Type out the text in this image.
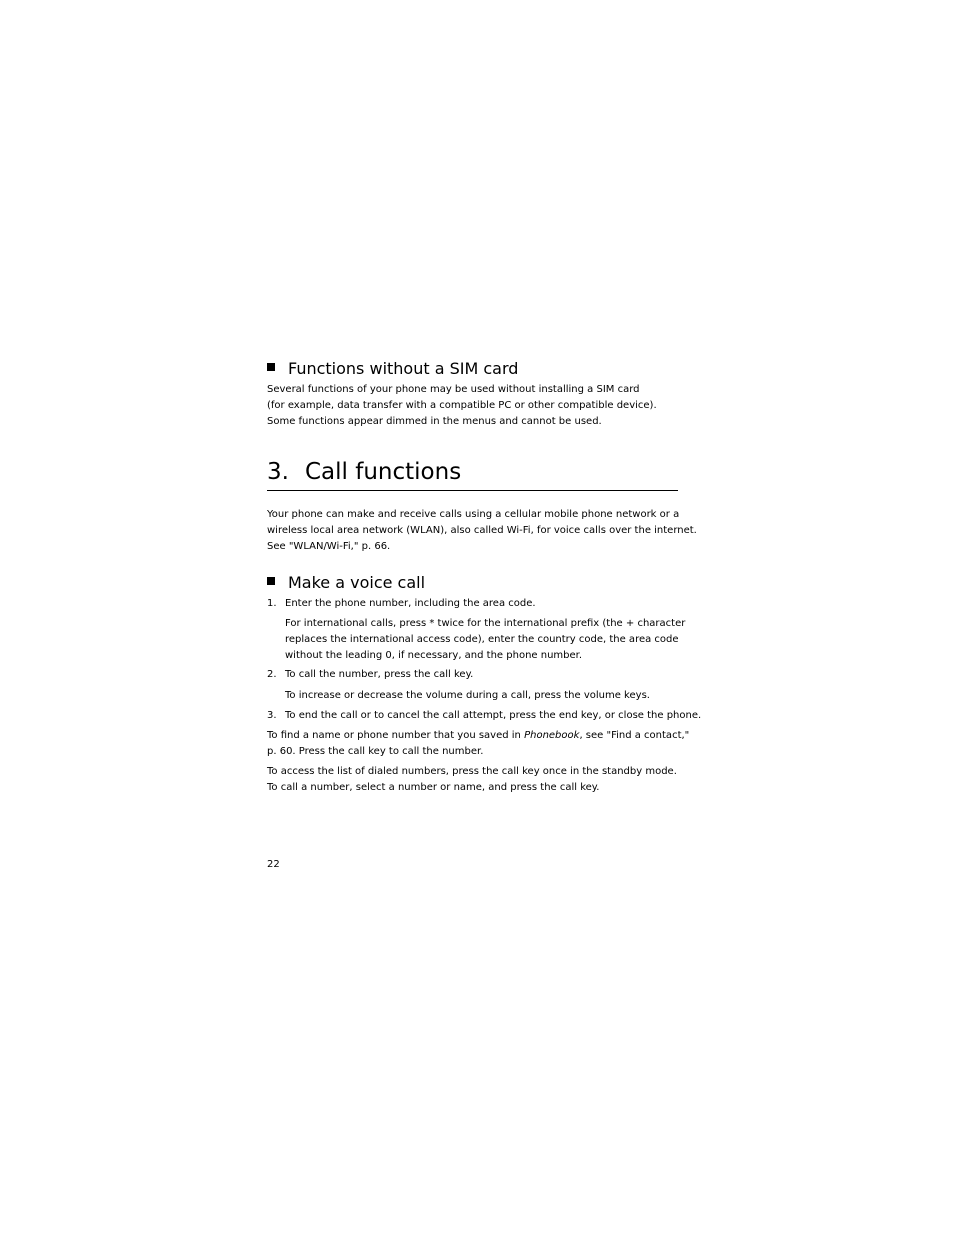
Functions without a SIM card
Several functions of your phone may be used without installing a SIM card
(for example, data transfer with a compatible PC or other compatible device).
Some functions appear dimmed in the menus and cannot be used.
3. Call functions
Your phone can make and receive calls using a cellular mobile phone network or a
wireless local area network (WLAN), also called Wi-Fi, for voice calls over the internet.
See "WLAN/Wi-Fi," p. 66.
Make a voice call
1. Enter the phone number, including the area code.
For international calls, press * twice for the international prefix (the + character
replaces the international access code), enter the country code, the area code
without the leading 0, if necessary, and the phone number.
2. To call the number, press the call key.
To increase or decrease the volume during a call, press the volume keys.
3. To end the call or to cancel the call attempt, press the end key, or close the phone.
To find a name or phone number that you saved in Phonebook, see "Find a contact,"
p. 60. Press the call key to call the number.
To access the list of dialed numbers, press the call key once in the standby mode.
To call a number, select a number or name, and press the call key.
22
